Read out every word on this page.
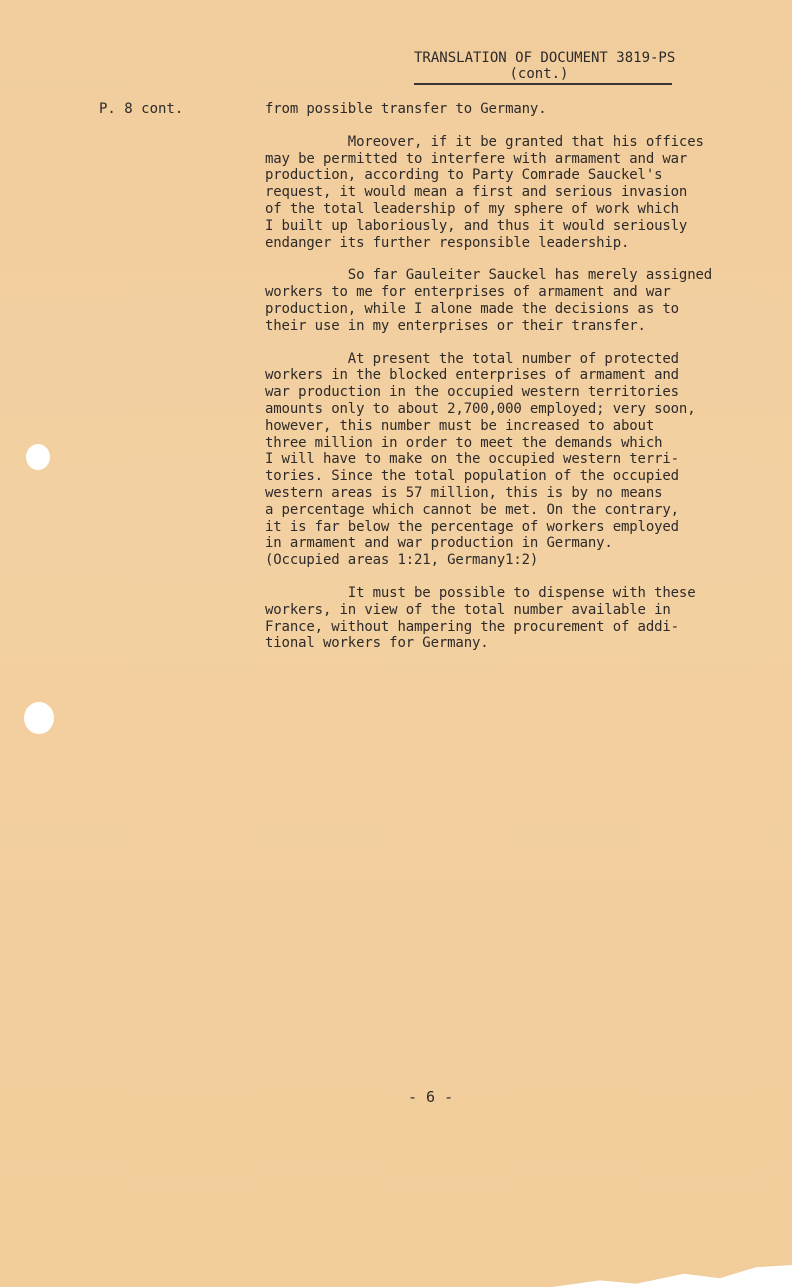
TRANSLATION OF DOCUMENT 3819-PS
(cont.)
P. 8 cont.	from possible transfer to Germany.
Moreover, if it be granted that his offices
may be permitted to interfere with armament and war
production, according to Party Comrade Sauckel's
request, it would mean a first and serious invasion
of the total leadership of my sphere of work which
I built up laboriously, and thus it would seriously
endanger its further responsible leadership.
So far Gauleiter Sauckel has merely assigned
workers to me for enterprises of armament and war
production, while I alone made the decisions as to
their use in my enterprises or their transfer.
At present the total number of protected
workers in the blocked enterprises of armament and
war production in the occupied western territories
amounts only to about 2,700,000 employed; very soon,
however, this number must be increased to about
three million in order to meet the demands which
I will have to make on the occupied western terri-
tories. Since the total population of the occupied
western areas is 57 million, this is by no means
a percentage which cannot be met. On the contrary,
it is far below the percentage of workers employed
in armament and war production in Germany.
(Occupied areas 1:21, Germany1:2)
It must be possible to dispense with these
workers, in view of the total number available in
France, without hampering the procurement of addi-
tional workers for Germany.
- 6 -
